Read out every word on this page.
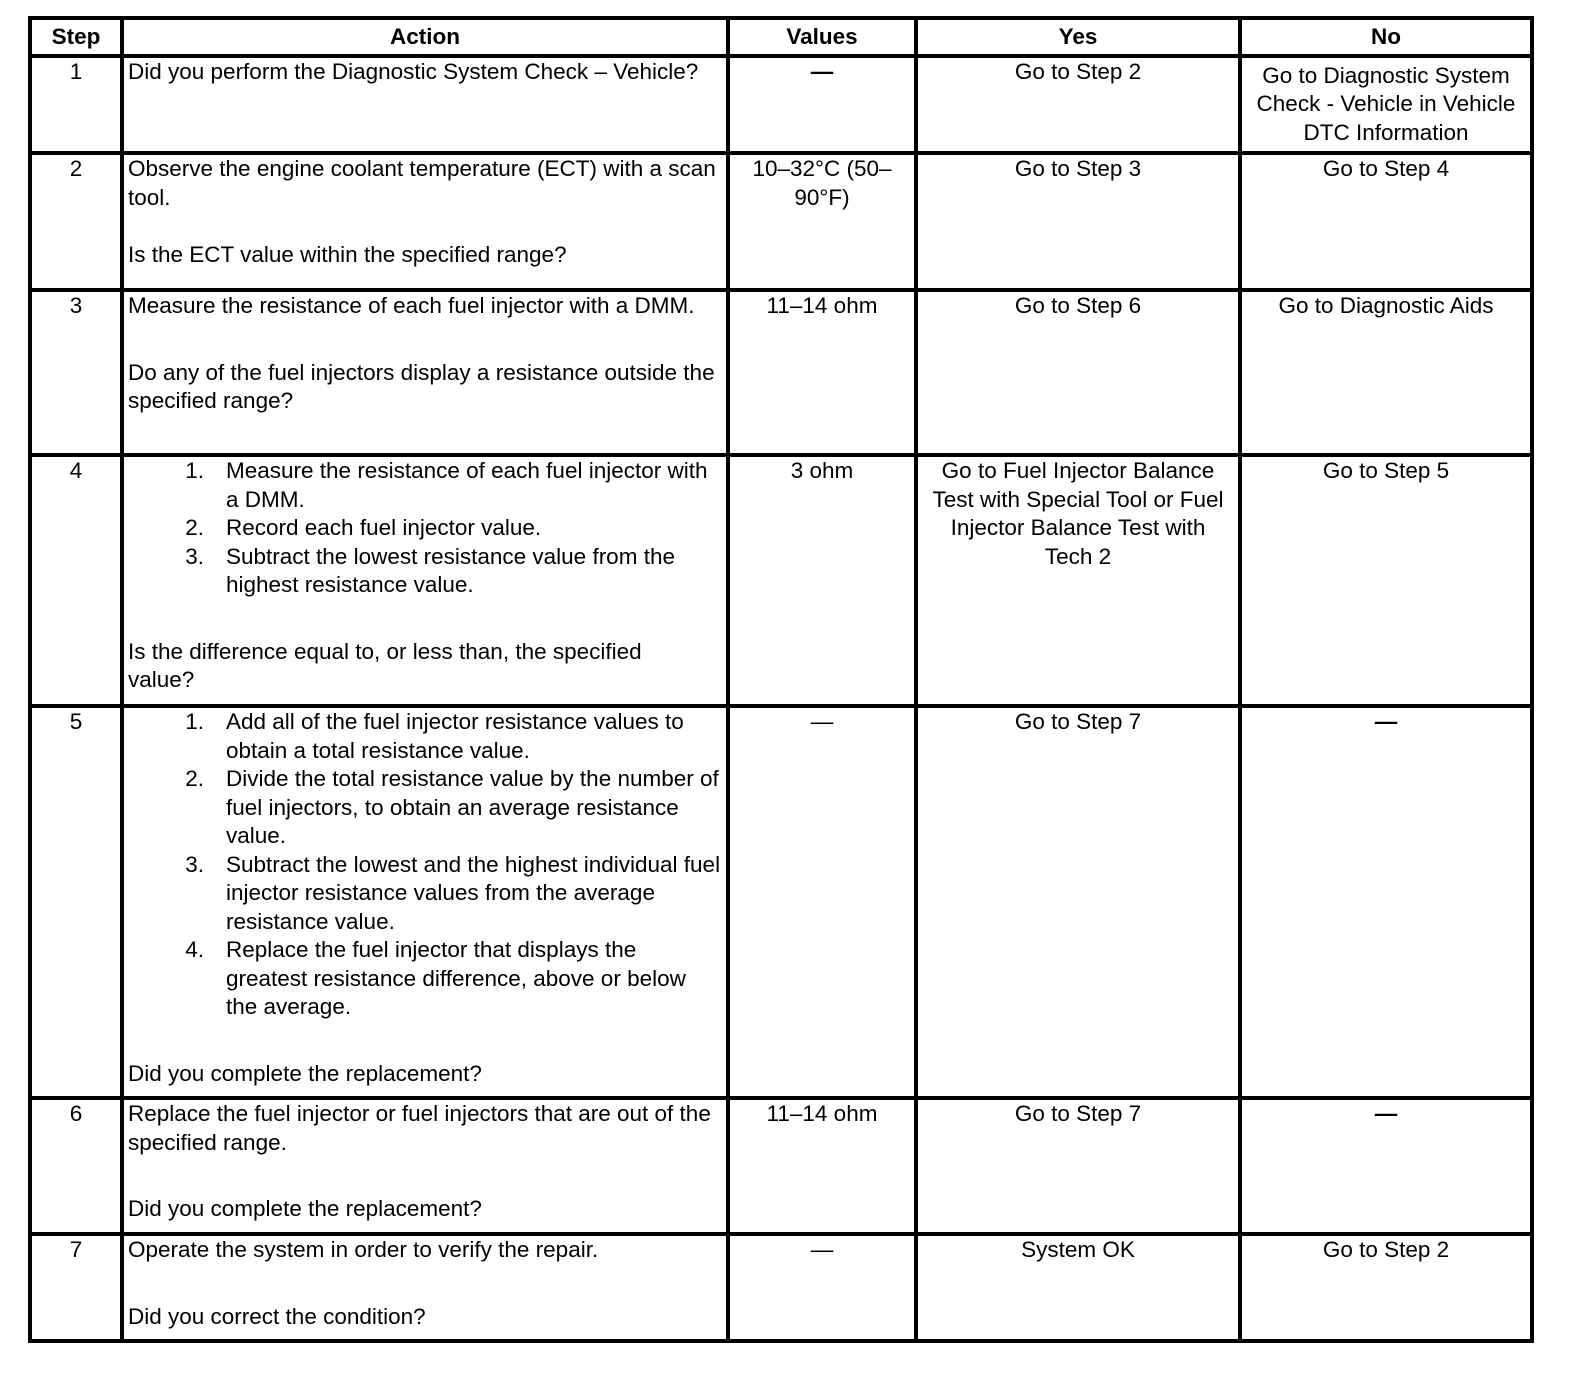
Step	Action	Values	Yes	No
1	Did you perform the Diagnostic System Check – Vehicle?	—	Go to Step 2	Go to Diagnostic System Check - Vehicle in Vehicle DTC Information
2	Observe the engine coolant temperature (ECT) with a scan tool.
Is the ECT value within the specified range?	10–32°C (50–90°F)	Go to Step 3	Go to Step 4
3	Measure the resistance of each fuel injector with a DMM.
Do any of the fuel injectors display a resistance outside the specified range?	11–14 ohm	Go to Step 6	Go to Diagnostic Aids
4	1. Measure the resistance of each fuel injector with a DMM.
2. Record each fuel injector value.
3. Subtract the lowest resistance value from the highest resistance value.
Is the difference equal to, or less than, the specified value?
	3 ohm	Go to Fuel Injector Balance Test with Special Tool or Fuel Injector Balance Test with Tech 2	Go to Step 5
5	1. Add all of the fuel injector resistance values to obtain a total resistance value.
2. Divide the total resistance value by the number of fuel injectors, to obtain an average resistance value.
3. Subtract the lowest and the highest individual fuel injector resistance values from the average resistance value.
4. Replace the fuel injector that displays the greatest resistance difference, above or below the average.
Did you complete the replacement?
	—	Go to Step 7	—
6	Replace the fuel injector or fuel injectors that are out of the specified range.
Did you complete the replacement?	11–14 ohm	Go to Step 7	—
7	Operate the system in order to verify the repair.
Did you correct the condition?	—	System OK	Go to Step 2
